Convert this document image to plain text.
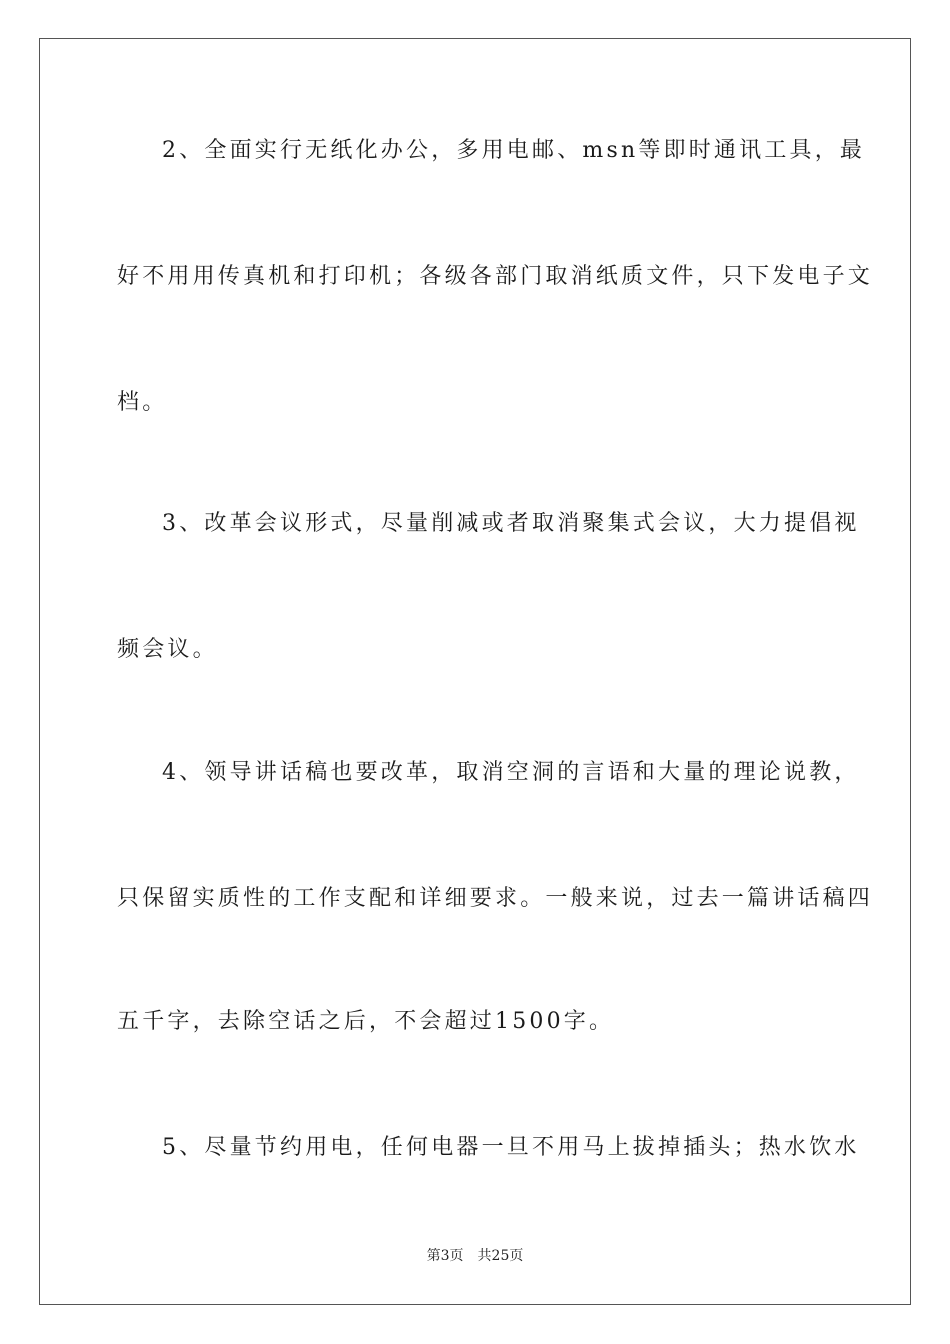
2、全面实行无纸化办公，多用电邮、msn等即时通讯工具，最
好不用用传真机和打印机；各级各部门取消纸质文件，只下发电子文
档。
3、改革会议形式，尽量削减或者取消聚集式会议，大力提倡视
频会议。
4、领导讲话稿也要改革，取消空洞的言语和大量的理论说教，
只保留实质性的工作支配和详细要求。一般来说，过去一篇讲话稿四
五千字，去除空话之后，不会超过1500字。
5、尽量节约用电，任何电器一旦不用马上拔掉插头；热水饮水
第3页　共25页
